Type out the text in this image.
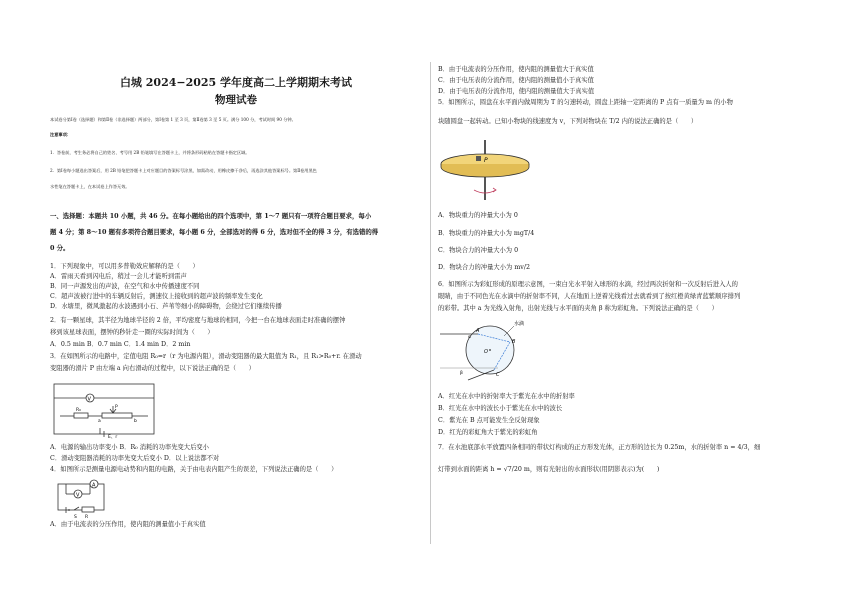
白城 2024−2025 学年度高二上学期期末考试
物理试卷
本试卷分第Ⅰ卷（选择题）和第Ⅱ卷（非选择题）两部分，第Ⅰ卷第 1 至 3 页，第Ⅱ卷第 3 至 5 页。满分 100 分，考试时间 90 分钟。
注意事项：
1．答卷前，考生务必将自己的姓名、考号用 2B 铅笔填写在答题卡上，并将条形码粘贴在答题卡指定区域。
2．第Ⅰ卷每小题选出答案后，用 2B 铅笔把答题卡上对应题目的答案标号涂黑，如需改动，用橡皮擦干净后，再选涂其他答案标号。第Ⅱ卷用黑色
水性笔在答题卡上，在本试卷上作答无效。
一、选择题：本题共 10 小题，共 46 分。在每小题给出的四个选项中，第 1～7 题只有一项符合题目要求，每小
题 4 分；第 8～10 题有多项符合题目要求，每小题 6 分，全部选对的得 6 分，选对但不全的得 3 分，有选错的得
0 分。
1．下列现象中，可以用多普勒效应解释的是（　　）
A．雷雨天看到闪电后，稍过一会儿才能听到雷声
B．同一声源发出的声波，在空气和水中传播速度不同
C．超声波被行进中的车辆反射后，测速仪上接收到的超声波的频率发生变化
D．水塘里，微风激起的水波遇到小石、芦苇等细小的障碍物，会绕过它们继续传播
2．有一颗星球，其半径为地球半径的 2 倍，平均密度与地球的相同，今把一台在地球表面走时准确的摆钟
移到该星球表面，摆钟的秒针走一圈的实际时间为（　　）
A．0.5 min B．0.7 min C．1.4 min D．2 min
3．在如图所示的电路中，定值电阻 R₀=r（r 为电源内阻），滑动变阻器的最大阻值为 R₁，且 R₁>R₀+r. 在滑动
变阻器的滑片 P 由左端 a 向右滑动的过程中，以下说法正确的是（　　）
V
P
R₀
a	b
E、r
A．电源的输出功率变小 B．R₀ 消耗的功率先变大后变小
C．滑动变阻器消耗的功率先变大后变小 D．以上说法都不对
4．如图所示是测量电源电动势和内阻的电路，关于由电表内阻产生的误差，下列说法正确的是（　　）
A
V
R
S
A．由于电流表的分压作用，使内阻的测量值小于真实值
B．由于电流表的分压作用，使内阻的测量值大于真实值
C．由于电压表的分流作用，使内阻的测量值小于真实值
D．由于电压表的分流作用，使内阻的测量值大于真实值
5．如图所示，圆盘在水平面内做周期为 T 的匀速转动，圆盘上距轴一定距离的 P 点有一质量为 m 的小物
块随圆盘一起转动。已知小物块的线速度为 v，下列对物块在 T/2 内的说法正确的是（　　）
P
A．物块重力的冲量大小为 0
B．物块重力的冲量大小为 mgT/4
C．物块合力的冲量大小为 0
D．物块合力的冲量大小为 mv/2
6．如图所示为彩虹形成的原理示意图，一束白光水平射入球形的水滴，经过两次折射和一次反射后进入人的
眼睛，由于不同色光在水滴中的折射率不同，人在地面上逆着光线看过去就看到了按红橙黄绿青蓝紫顺序排列
的彩带。其中 a 为光线入射角，出射光线与水平面的夹角 β 称为彩虹角。下列说法正确的是（　　）
水滴
A
B
C
O
α
β
A．红光在水中的折射率大于紫光在水中的折射率
B．红光在水中的波长小于紫光在水中的波长
C．紫光在 B 点可能发生全反射现象
D．红光的彩虹角大于紫光的彩虹角
7．在水池底部水平放置四条相同的带状灯构成的正方形发光体，正方形的边长为 0.25m，水的折射率 n = 4/3，细
灯带到水面的距离 h = √7/20 m，则有光射出的水面形状(用阴影表示)为(　　)
